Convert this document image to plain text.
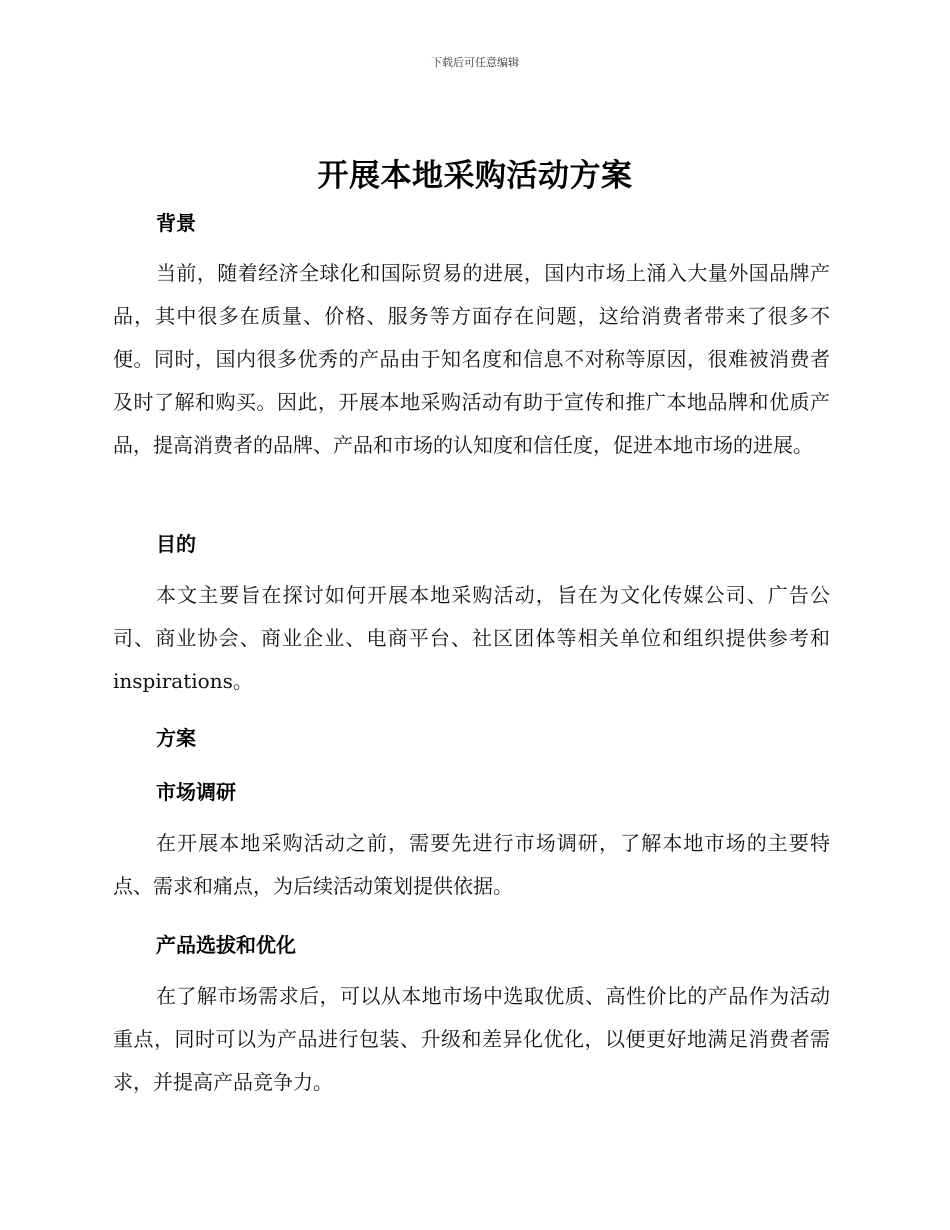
下载后可任意编辑
开展本地采购活动方案
背景
当前，随着经济全球化和国际贸易的进展，国内市场上涌入大量外国品牌产品，其中很多在质量、价格、服务等方面存在问题，这给消费者带来了很多不便。同时，国内很多优秀的产品由于知名度和信息不对称等原因，很难被消费者及时了解和购买。因此，开展本地采购活动有助于宣传和推广本地品牌和优质产品，提高消费者的品牌、产品和市场的认知度和信任度，促进本地市场的进展。
目的
本文主要旨在探讨如何开展本地采购活动，旨在为文化传媒公司、广告公司、商业协会、商业企业、电商平台、社区团体等相关单位和组织提供参考和 inspirations。
方案
市场调研
在开展本地采购活动之前，需要先进行市场调研，了解本地市场的主要特点、需求和痛点，为后续活动策划提供依据。
产品选拔和优化
在了解市场需求后，可以从本地市场中选取优质、高性价比的产品作为活动重点，同时可以为产品进行包装、升级和差异化优化，以便更好地满足消费者需求，并提高产品竞争力。
